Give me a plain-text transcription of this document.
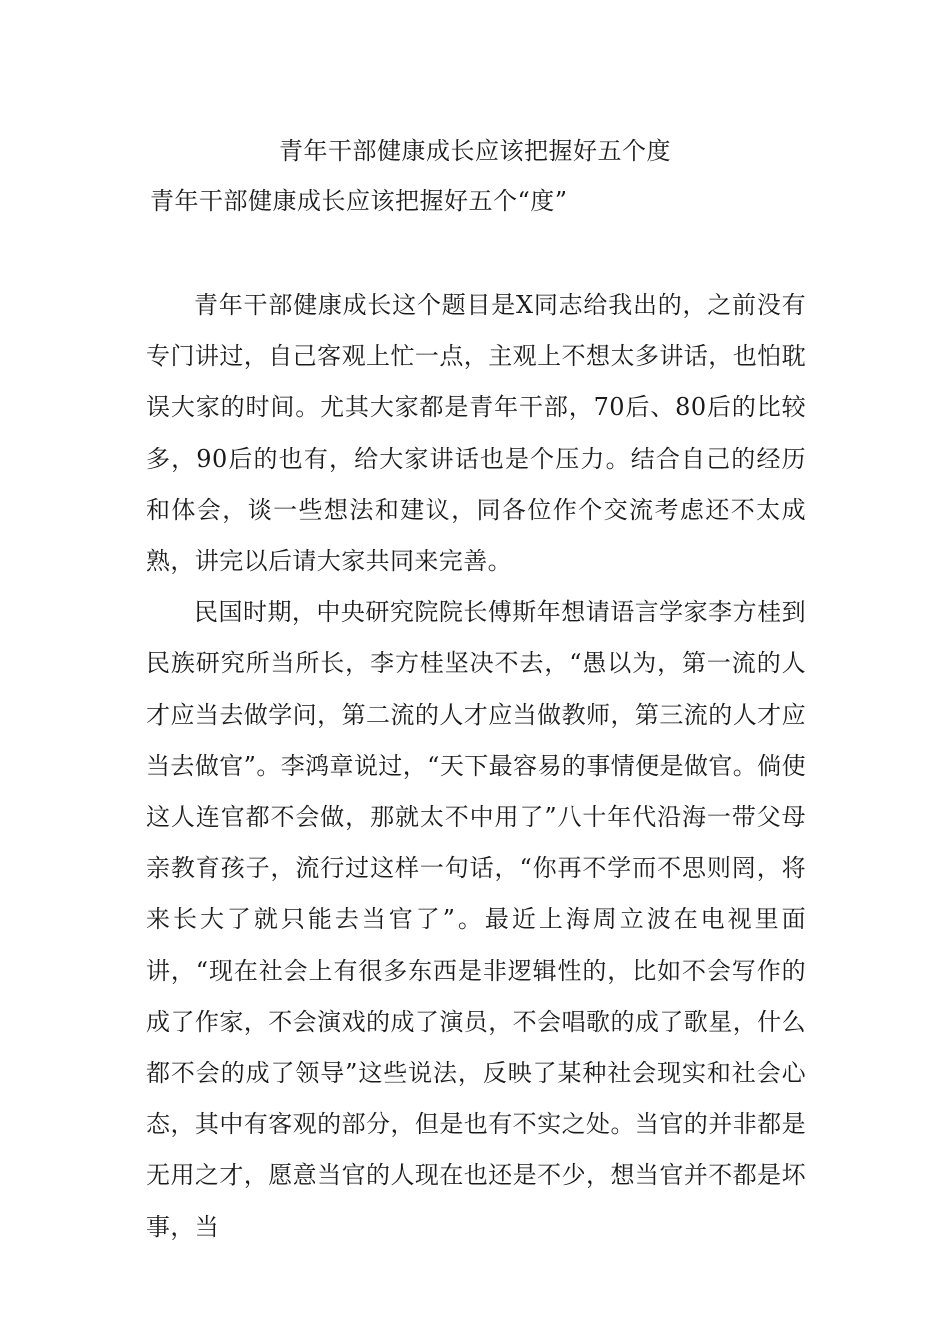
青年干部健康成长应该把握好五个度
青年干部健康成长应该把握好五个“度”

青年干部健康成长这个题目是X同志给我出的，之前没有专门讲过，自己客观上忙一点，主观上不想太多讲话，也怕耽误大家的时间。尤其大家都是青年干部，70后、80后的比较多，90后的也有，给大家讲话也是个压力。结合自己的经历和体会，谈一些想法和建议，同各位作个交流考虑还不太成熟，讲完以后请大家共同来完善。

民国时期，中央研究院院长傅斯年想请语言学家李方桂到民族研究所当所长，李方桂坚决不去，“愚以为，第一流的人才应当去做学问，第二流的人才应当做教师，第三流的人才应当去做官”。李鸿章说过，“天下最容易的事情便是做官。倘使这人连官都不会做，那就太不中用了”八十年代沿海一带父母亲教育孩子，流行过这样一句话，“你再不学而不思则罔，将来长大了就只能去当官了”。最近上海周立波在电视里面讲，“现在社会上有很多东西是非逻辑性的，比如不会写作的成了作家，不会演戏的成了演员，不会唱歌的成了歌星，什么都不会的成了领导”这些说法，反映了某种社会现实和社会心态，其中有客观的部分，但是也有不实之处。当官的并非都是无用之才，愿意当官的人现在也还是不少，想当官并不都是坏事，当
